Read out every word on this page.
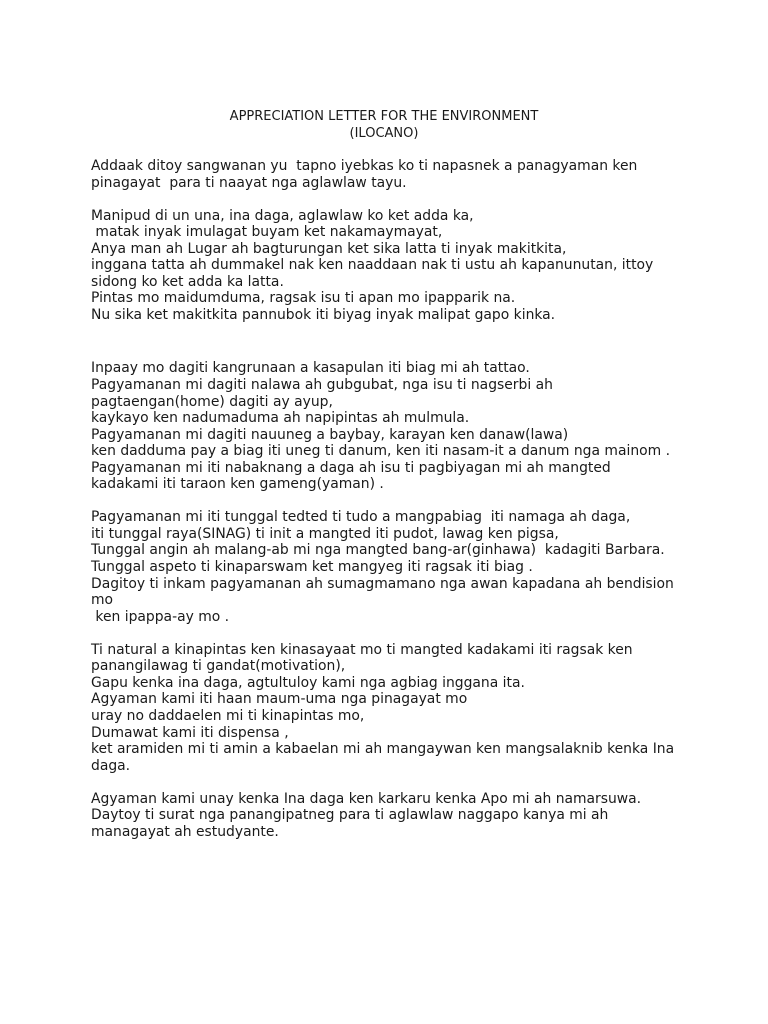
APPRECIATION LETTER FOR THE ENVIRONMENT
(ILOCANO)
Addaak ditoy sangwanan yu  tapno iyebkas ko ti napasnek a panagyaman ken
pinagayat  para ti naayat nga aglawlaw tayu.
Manipud di un una, ina daga, aglawlaw ko ket adda ka,
matak inyak imulagat buyam ket nakamaymayat,
Anya man ah Lugar ah bagturungan ket sika latta ti inyak makitkita,
inggana tatta ah dummakel nak ken naaddaan nak ti ustu ah kapanunutan, ittoy
sidong ko ket adda ka latta.
Pintas mo maidumduma, ragsak isu ti apan mo ipapparik na.
Nu sika ket makitkita pannubok iti biyag inyak malipat gapo kinka.
Inpaay mo dagiti kangrunaan a kasapulan iti biag mi ah tattao.
Pagyamanan mi dagiti nalawa ah gubgubat, nga isu ti nagserbi ah
pagtaengan(home) dagiti ay ayup,
kaykayo ken nadumaduma ah napipintas ah mulmula.
Pagyamanan mi dagiti nauuneg a baybay, karayan ken danaw(lawa)
ken dadduma pay a biag iti uneg ti danum, ken iti nasam-it a danum nga mainom .
Pagyamanan mi iti nabaknang a daga ah isu ti pagbiyagan mi ah mangted
kadakami iti taraon ken gameng(yaman) .
Pagyamanan mi iti tunggal tedted ti tudo a mangpabiag  iti namaga ah daga,
iti tunggal raya(SINAG) ti init a mangted iti pudot, lawag ken pigsa,
Tunggal angin ah malang-ab mi nga mangted bang-ar(ginhawa)  kadagiti Barbara.
Tunggal aspeto ti kinaparswam ket mangyeg iti ragsak iti biag .
Dagitoy ti inkam pagyamanan ah sumagmamano nga awan kapadana ah bendision
mo
ken ipappa-ay mo .
Ti natural a kinapintas ken kinasayaat mo ti mangted kadakami iti ragsak ken
panangilawag ti gandat(motivation),
Gapu kenka ina daga, agtultuloy kami nga agbiag inggana ita.
Agyaman kami iti haan maum-uma nga pinagayat mo
uray no daddaelen mi ti kinapintas mo,
Dumawat kami iti dispensa ,
ket aramiden mi ti amin a kabaelan mi ah mangaywan ken mangsalaknib kenka Ina
daga.
Agyaman kami unay kenka Ina daga ken karkaru kenka Apo mi ah namarsuwa.
Daytoy ti surat nga panangipatneg para ti aglawlaw naggapo kanya mi ah
managayat ah estudyante.
